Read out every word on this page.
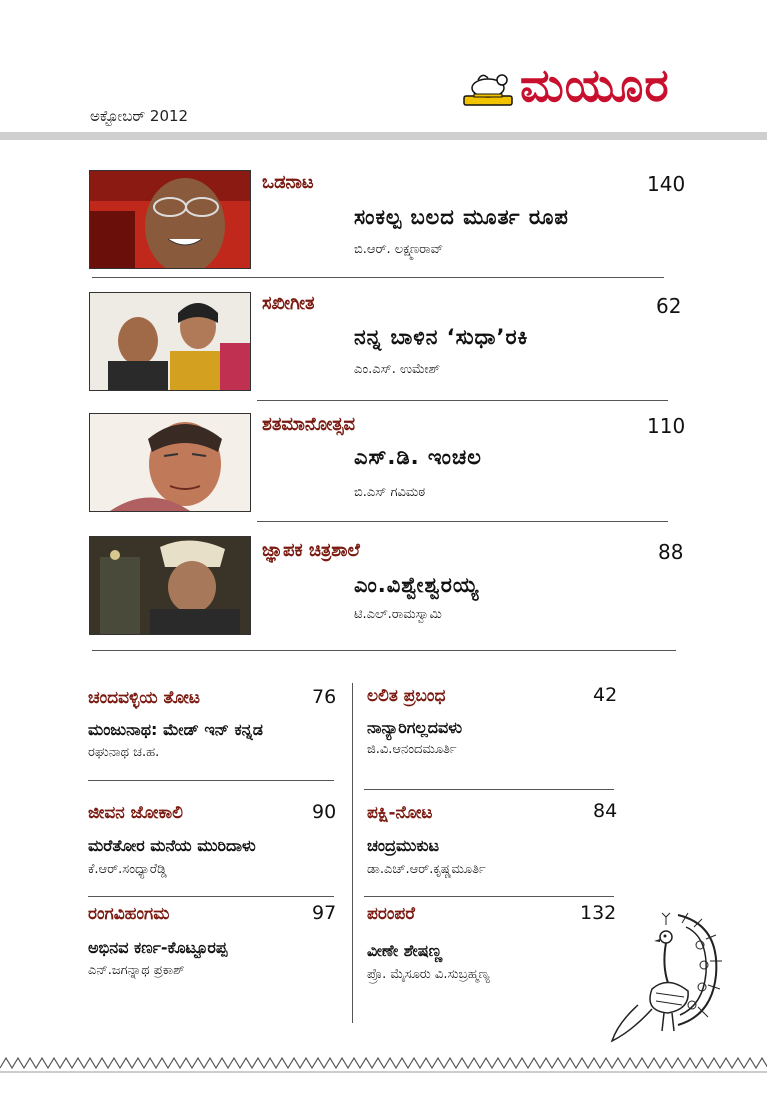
ಮಯೂರ
ಅಕ್ಟೋಬರ್ 2012
ಒಡನಾಟ	140
ಸಂಕಲ್ಪ ಬಲದ ಮೂರ್ತ ರೂಪ
ಬಿ.ಆರ್. ಲಕ್ಷ್ಮಣರಾವ್
ಸಖೀಗೀತ	62
ನನ್ನ ಬಾಳಿನ ‘ಸುಧಾ’ರಕಿ
ಎಂ.ಎಸ್. ಉಮೇಶ್
ಶತಮಾನೋತ್ಸವ	110
ಎಸ್.ಡಿ. ಇಂಚಲ
ಬಿ.ಎಸ್ ಗವಿಮಠ
ಜ್ಞಾಪಕ ಚಿತ್ರಶಾಲೆ	88
ಎಂ.ವಿಶ್ವೇಶ್ವರಯ್ಯ
ಟಿ.ಎಲ್.ರಾಮಸ್ವಾಮಿ
ಚಂದವಳ್ಳಿಯ ತೋಟ	76
ಮಂಜುನಾಥ: ಮೇಡ್ ಇನ್ ಕನ್ನಡ
ರಘುನಾಥ ಚ.ಹ.
ಜೀವನ ಜೋಕಾಲಿ	90
ಮರೆತೋರ ಮನೆಯ ಮುರಿದಾಳು
ಕೆ.ಆರ್.ಸಂಧ್ಯಾರೆಡ್ಡಿ
ರಂಗವಿಹಂಗಮ	97
ಅಭಿನವ ಕರ್ಣ-ಕೊಟ್ಟೂರಪ್ಪ
ಎನ್.ಜಗನ್ನಾಥ ಪ್ರಕಾಶ್
ಲಲಿತ ಪ್ರಬಂಧ	42
ನಾನ್ಯಾರಿಗಲ್ಲದವಳು
ಜಿ.ವಿ.ಆನಂದಮೂರ್ತಿ
ಪಕ್ಷಿ-ನೋಟ	84
ಚಂದ್ರಮುಕುಟ
ಡಾ.ಎಚ್.ಆರ್.ಕೃಷ್ಣಮೂರ್ತಿ
ಪರಂಪರೆ	132
ವೀಣೇ ಶೇಷಣ್ಣ
ಪ್ರೊ. ಮೈಸೂರು ವಿ.ಸುಬ್ರಹ್ಮಣ್ಯ
